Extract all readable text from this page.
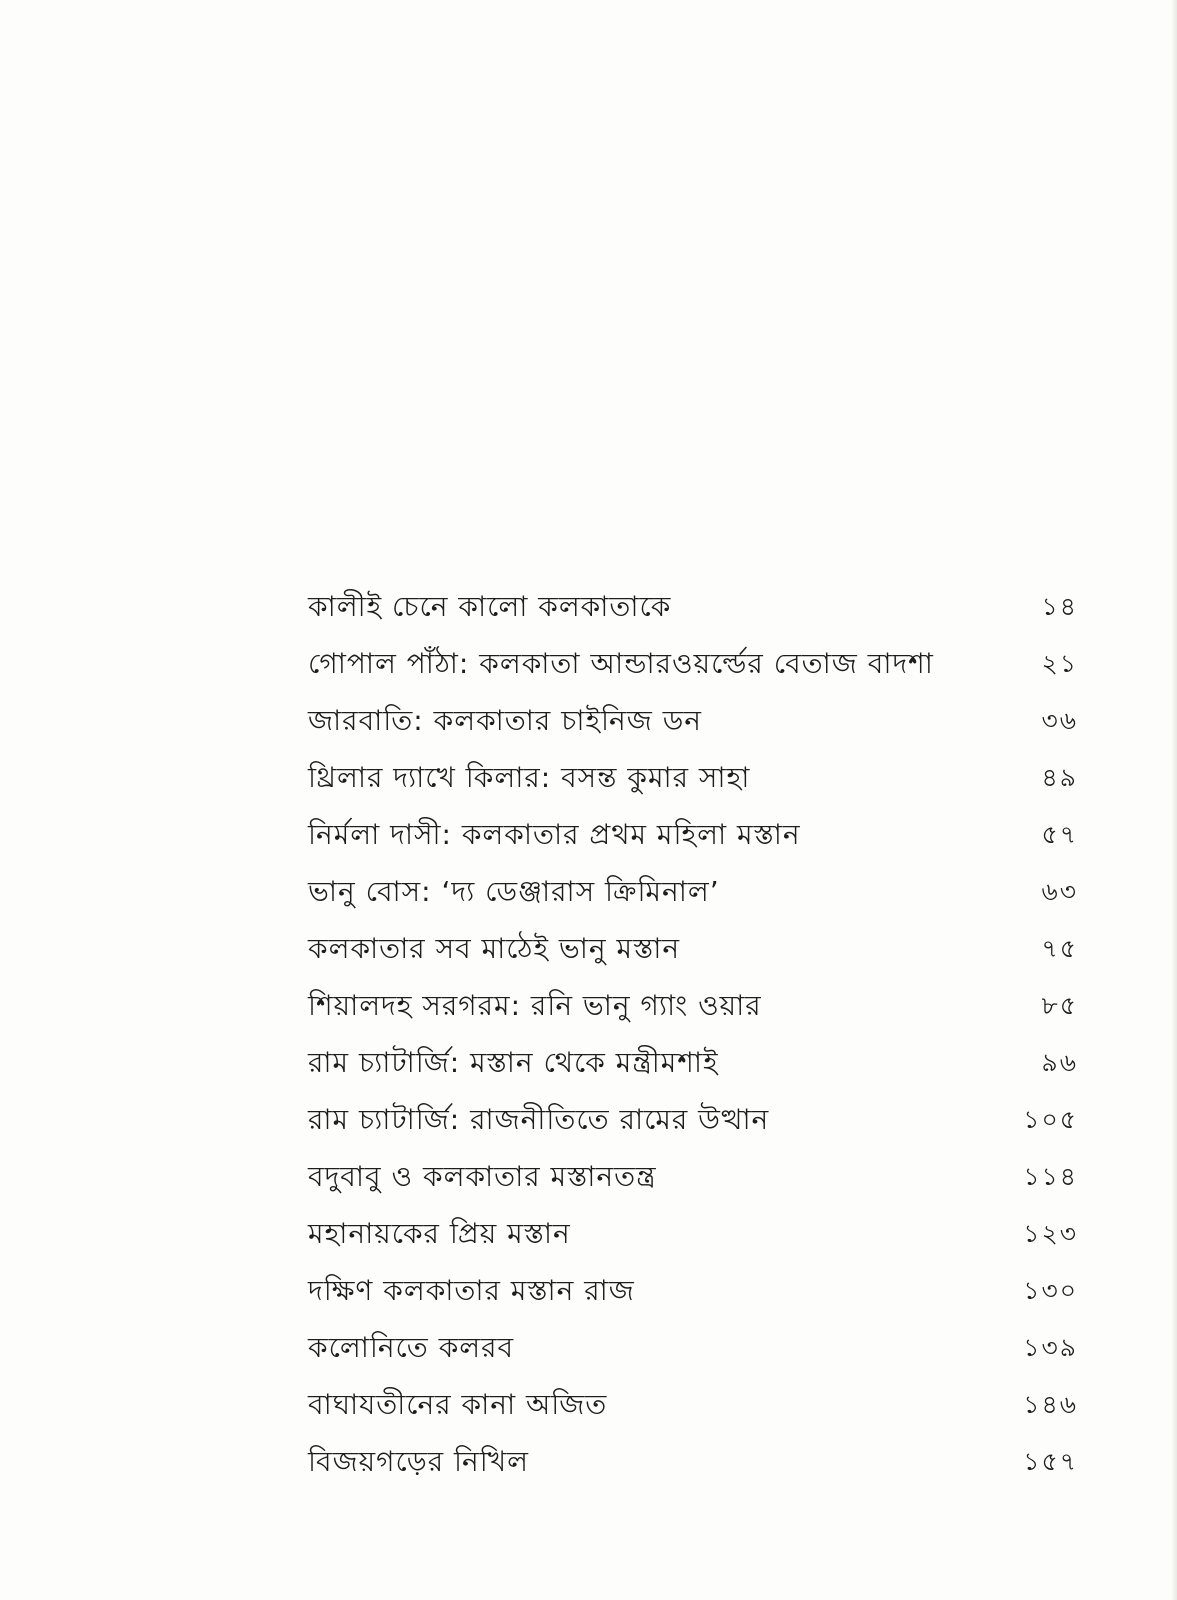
কালীই চেনে কালো কলকাতাকে	১৪
গোপাল পাঁঠা: কলকাতা আন্ডারওয়র্ল্ডের বেতাজ বাদশা	২১
জারবাতি: কলকাতার চাইনিজ ডন	৩৬
থ্রিলার দ্যাখে কিলার: বসন্ত কুমার সাহা	৪৯
নির্মলা দাসী: কলকাতার প্রথম মহিলা মস্তান	৫৭
ভানু বোস: ‘দ্য ডেঞ্জারাস ক্রিমিনাল’	৬৩
কলকাতার সব মাঠেই ভানু মস্তান	৭৫
শিয়ালদহ সরগরম: রনি ভানু গ্যাং ওয়ার	৮৫
রাম চ্যাটার্জি: মস্তান থেকে মন্ত্রীমশাই	৯৬
রাম চ্যাটার্জি: রাজনীতিতে রামের উত্থান	১০৫
বদুবাবু ও কলকাতার মস্তানতন্ত্র	১১৪
মহানায়কের প্রিয় মস্তান	১২৩
দক্ষিণ কলকাতার মস্তান রাজ	১৩০
কলোনিতে কলরব	১৩৯
বাঘাযতীনের কানা অজিত	১৪৬
বিজয়গড়ের নিখিল	১৫৭
